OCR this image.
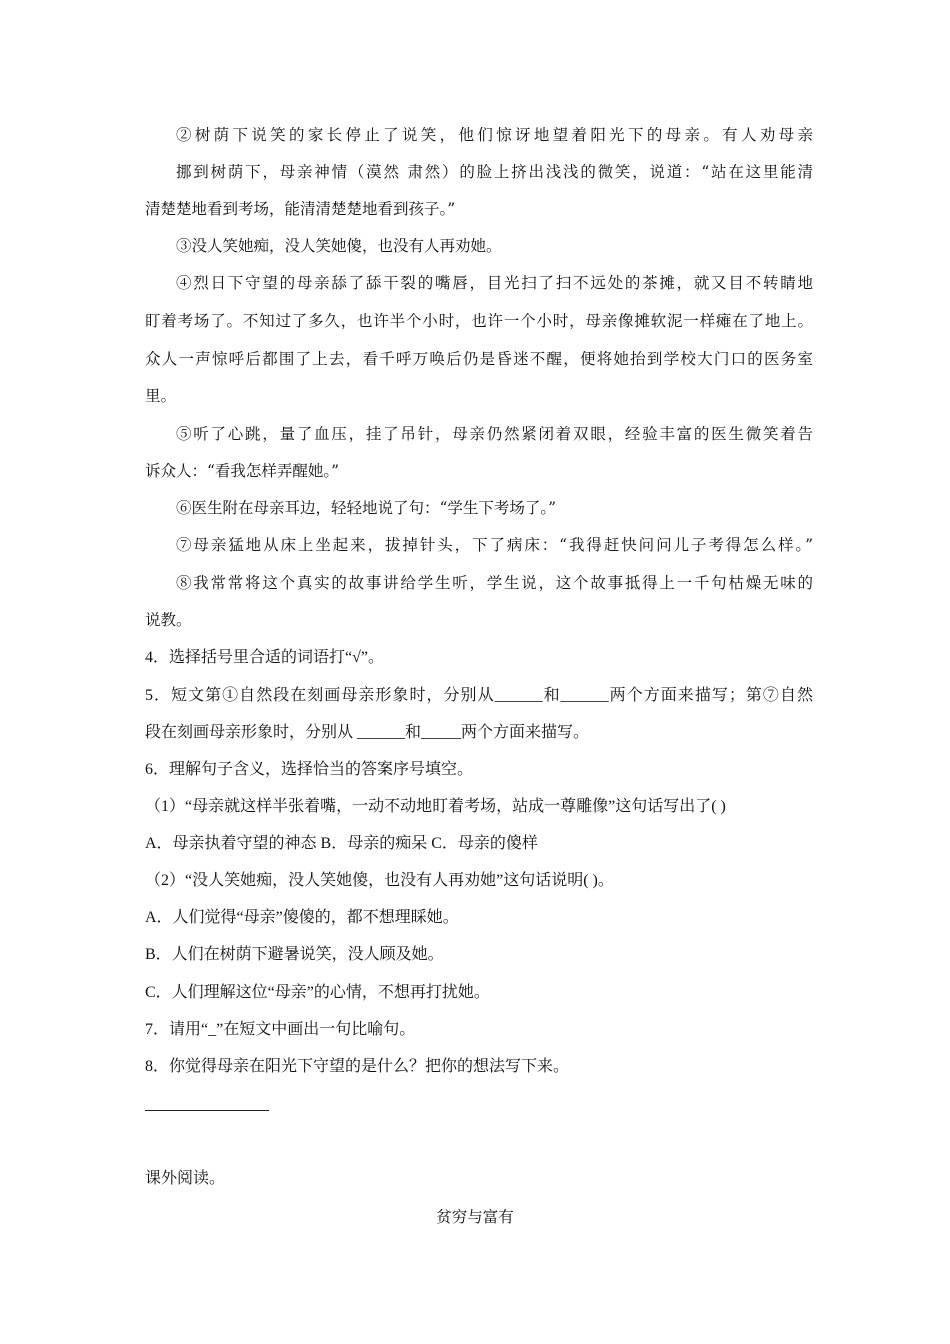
②树荫下说笑的家长停止了说笑，他们惊讶地望着阳光下的母亲。有人劝母亲
挪到树荫下，母亲神情（漠然 肃然）的脸上挤出浅浅的微笑，说道：“站在这里能清
清楚楚地看到考场，能清清楚楚地看到孩子。”
③没人笑她痴，没人笑她傻，也没有人再劝她。
④烈日下守望的母亲舔了舔干裂的嘴唇，目光扫了扫不远处的茶摊，就又目不转睛地
盯着考场了。不知过了多久，也许半个小时，也许一个小时，母亲像摊软泥一样瘫在了地上。
众人一声惊呼后都围了上去，看千呼万唤后仍是昏迷不醒，便将她抬到学校大门口的医务室
里。
⑤听了心跳，量了血压，挂了吊针，母亲仍然紧闭着双眼，经验丰富的医生微笑着告
诉众人：“看我怎样弄醒她。”
⑥医生附在母亲耳边，轻轻地说了句：“学生下考场了。”
⑦母亲猛地从床上坐起来，拔掉针头，下了病床：“我得赶快问问儿子考得怎么样。”
⑧我常常将这个真实的故事讲给学生听，学生说，这个故事抵得上一千句枯燥无味的
说教。
4．选择括号里合适的词语打“√”。
5．短文第①自然段在刻画母亲形象时，分别从______和______两个方面来描写；第⑦自然
段在刻画母亲形象时，分别从 ______和_____两个方面来描写。
6．理解句子含义，选择恰当的答案序号填空。
（1）“母亲就这样半张着嘴，一动不动地盯着考场，站成一尊雕像”这句话写出了( )
A．母亲执着守望的神态 B．母亲的痴呆 C．母亲的傻样
（2）“没人笑她痴，没人笑她傻，也没有人再劝她”这句话说明( )。
A．人们觉得“母亲”傻傻的，都不想理睬她。
B．人们在树荫下避暑说笑，没人顾及她。
C．人们理解这位“母亲”的心情，不想再打扰她。
7．请用“_”在短文中画出一句比喻句。
8．你觉得母亲在阳光下守望的是什么？把你的想法写下来。
课外阅读。
贫穷与富有
